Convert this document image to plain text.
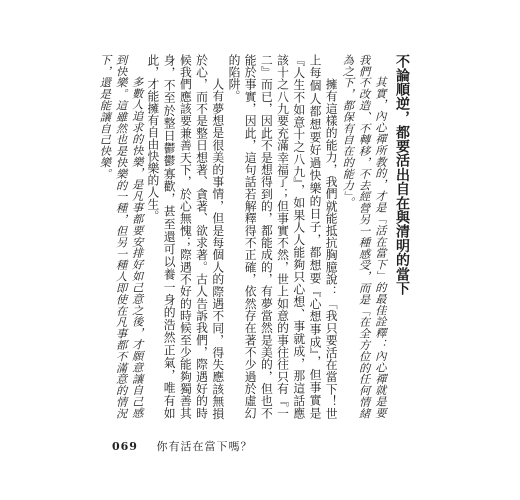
不論順逆，都要活出自在與清明的當下

其實，內心禪所教的，才是「活在當下」的最佳詮釋：內心禪就是要我們不改造、不轉移，不去經營另一種感受，而是「在全方位的任何情緒為之下，都保有自在的能力」。

擁有這樣的能力，我們就能抵抗胸臆說：「我只要活在當下！世上每個人都想要好過快樂的日子，都想要『心想事成』，但事實是『人生不如意十之八九』，如果人人能夠只心想、事就成，那這話應該十之八九要充滿幸福了；但事實不然，世上如意的事往往只有『一二』而已，因此不是想得到的，都能成的，有夢當然是美的，但也不能於事實，因此，這句話若解釋得不正確，依然存在著不少過於虛幻的陷阱。

人有夢想是很美的事情，但是每個人的際遇不同，得失應該無損於心，而不是整日想著、貪著、欲求著。古人告訴我們，際遇好的時候我們應該要兼善天下，於心無愧；際遇不好的時候至少能夠獨善其身，不至於整日鬱鬱寡歡，甚至還可以養一身的浩然正氣，唯有如此，才能擁有自由快樂的人生。

多數人追求的快樂，是凡事都要安排好如己意之後，才願意讓自己感到快樂。這雖然也是快樂的一種，但另一種人即使在凡事都不滿意的情況下，還是能讓自己快樂。

069 你有活在當下嗎？
